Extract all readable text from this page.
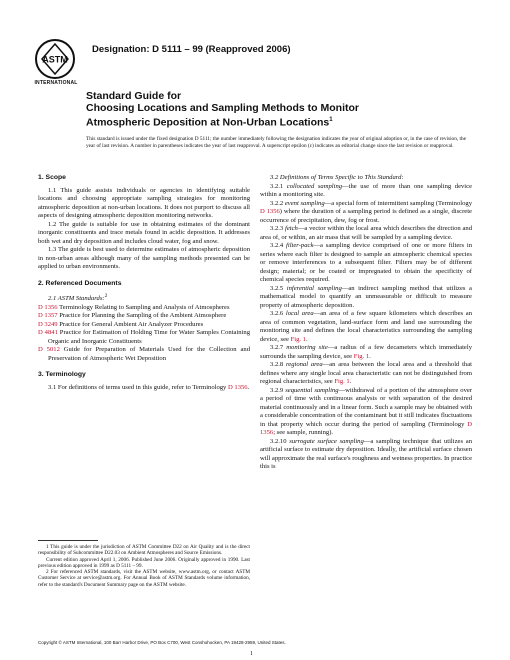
ASTM
INTERNATIONAL
Designation: D 5111 – 99 (Reapproved 2006)
Standard Guide for
Choosing Locations and Sampling Methods to Monitor
Atmospheric Deposition at Non-Urban Locations$^1$
This standard is issued under the fixed designation D 5111; the number immediately following the designation indicates the year of original adoption or, in the case of revision, the year of last revision. A number in parentheses indicates the year of last reapproval. A superscript epsilon (ε) indicates an editorial change since the last revision or reapproval.
1. Scope

1.1 This guide assists individuals or agencies in identifying suitable locations and choosing appropriate sampling strategies for monitoring atmospheric deposition at non-urban locations. It does not purport to discuss all aspects of designing atmospheric deposition monitoring networks.

1.2 The guide is suitable for use in obtaining estimates of the dominant inorganic constituents and trace metals found in acidic deposition. It addresses both wet and dry deposition and includes cloud water, fog and snow.

1.3 The guide is best used to determine estimates of atmospheric deposition in non-urban areas although many of the sampling methods presented can be applied to urban environments.

2. Referenced Documents

2.1 ASTM Standards:$^2$

D 1356 Terminology Relating to Sampling and Analysis of Atmospheres

D 1357 Practice for Planning the Sampling of the Ambient Atmosphere

D 3249 Practice for General Ambient Air Analyzer Procedures

D 4841 Practice for Estimation of Holding Time for Water Samples Containing Organic and Inorganic Constituents

D 5012 Guide for Preparation of Materials Used for the Collection and Preservation of Atmospheric Wet Deposition

3. Terminology

3.1 For definitions of terms used in this guide, refer to Terminology D 1356.

1 This guide is under the jurisdiction of ASTM Committee D22 on Air Quality and is the direct responsibility of Subcommittee D22.03 on Ambient Atmospheres and Source Emissions.

Current edition approved April 1, 2006. Published June 2006. Originally approved in 1990. Last previous edition approved in 1999 as D 5111 – 99.

2 For referenced ASTM standards, visit the ASTM website, www.astm.org, or contact ASTM Customer Service at service@astm.org. For Annual Book of ASTM Standards volume information, refer to the standard's Document Summary page on the ASTM website.

3.2 Definitions of Terms Specific to This Standard:

3.2.1 collocated sampling—the use of more than one sampling device within a monitoring site.

3.2.2 event sampling—a special form of intermittent sampling (Terminology D 1356) where the duration of a sampling period is defined as a single, discrete occurrence of precipitation, dew, fog or frost.

3.2.3 fetch—a vector within the local area which describes the direction and area of, or within, an air mass that will be sampled by a sampling device.

3.2.4 filter-pack—a sampling device comprised of one or more filters in series where each filter is designed to sample an atmospheric chemical species or remove interferences to a subsequent filter. Filters may be of different design; material; or be coated or impregnated to obtain the specificity of chemical species required.

3.2.5 inferential sampling—an indirect sampling method that utilizes a mathematical model to quantify an unmeasurable or difficult to measure property of atmospheric deposition.

3.2.6 local area—an area of a few square kilometers which describes an area of common vegetation, land-surface form and land use surrounding the monitoring site and defines the local characteristics surrounding the sampling device, see Fig. 1.

3.2.7 monitoring site—a radius of a few decameters which immediately surrounds the sampling device, see Fig. 1.

3.2.8 regional area—an area between the local area and a threshold that defines where any single local area characteristic can not be distinguished from regional characteristics, see Fig. 1.

3.2.9 sequential sampling—withdrawal of a portion of the atmosphere over a period of time with continuous analysis or with separation of the desired material continuously and in a linear form. Such a sample may be obtained with a considerable concentration of the contaminant but it still indicates fluctuations in that property which occur during the period of sampling (Terminology D 1356; see sample, running).

3.2.10 surrogate surface sampling—a sampling technique that utilizes an artificial surface to estimate dry deposition. Ideally, the artificial surface chosen will approximate the real surface's roughness and wetness properties. In practice this is

Copyright © ASTM International, 100 Barr Harbor Drive, PO Box C700, West Conshohocken, PA 19428-2959, United States.
1
